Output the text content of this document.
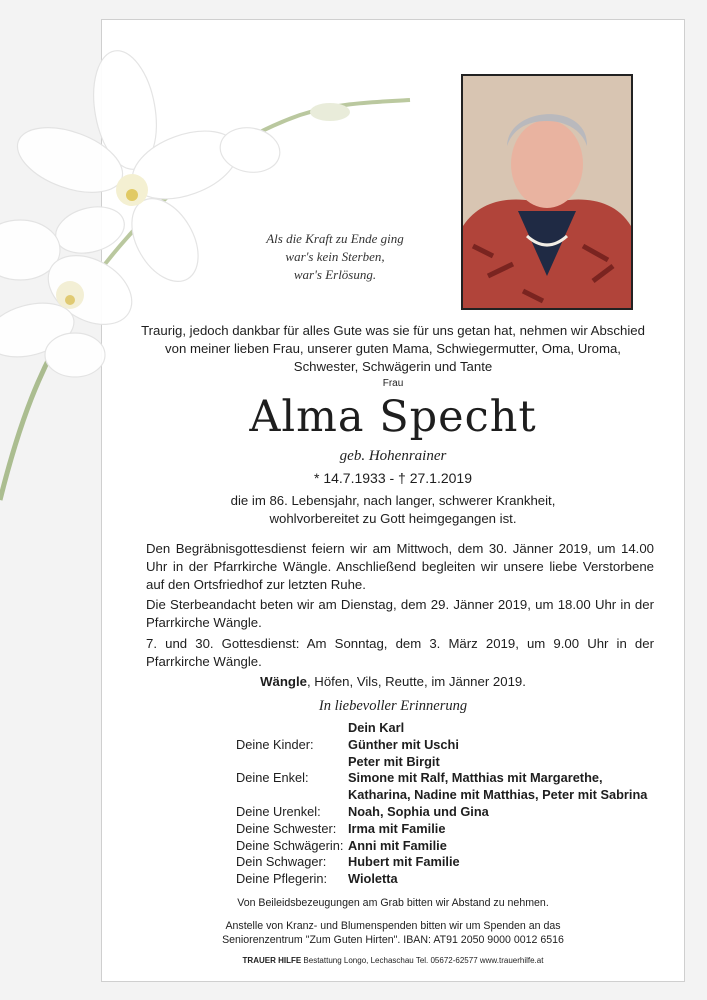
Als die Kraft zu Ende ging
war's kein Sterben,
war's Erlösung.
Traurig, jedoch dankbar für alles Gute was sie für uns getan hat, nehmen wir Abschied
von meiner lieben Frau, unserer guten Mama, Schwiegermutter, Oma, Uroma,
Schwester, Schwägerin und Tante
Frau
Alma Specht
geb. Hohenrainer
* 14.7.1933 - † 27.1.2019
die im 86. Lebensjahr, nach langer, schwerer Krankheit,
wohlvorbereitet zu Gott heimgegangen ist.
Den Begräbnisgottesdienst feiern wir am Mittwoch, dem 30. Jänner 2019, um 14.00 Uhr in der Pfarrkirche Wängle. Anschließend begleiten wir unsere liebe Verstorbene auf den Ortsfriedhof zur letzten Ruhe.
Die Sterbeandacht beten wir am Dienstag, dem 29. Jänner 2019, um 18.00 Uhr in der Pfarrkirche Wängle.
7. und 30. Gottesdienst: Am Sonntag, dem 3. März 2019, um 9.00 Uhr in der Pfarrkirche Wängle.
Wängle, Höfen, Vils, Reutte, im Jänner 2019.
In liebevoller Erinnerung
Dein Karl
Deine Kinder:	Günther mit Uschi
Peter mit Birgit
Deine Enkel:	Simone mit Ralf, Matthias mit Margarethe,
Katharina, Nadine mit Matthias, Peter mit Sabrina
Deine Urenkel:	Noah, Sophia und Gina
Deine Schwester: Irma mit Familie
Deine Schwägerin: Anni mit Familie
Dein Schwager:	Hubert mit Familie
Deine Pflegerin:	Wioletta
Von Beileidsbezeugungen am Grab bitten wir Abstand zu nehmen.
Anstelle von Kranz- und Blumenspenden bitten wir um Spenden an das
Seniorenzentrum "Zum Guten Hirten". IBAN: AT91 2050 9000 0012 6516
TRAUER HILFE Bestattung Longo, Lechaschau Tel. 05672-62577 www.trauerhilfe.at
